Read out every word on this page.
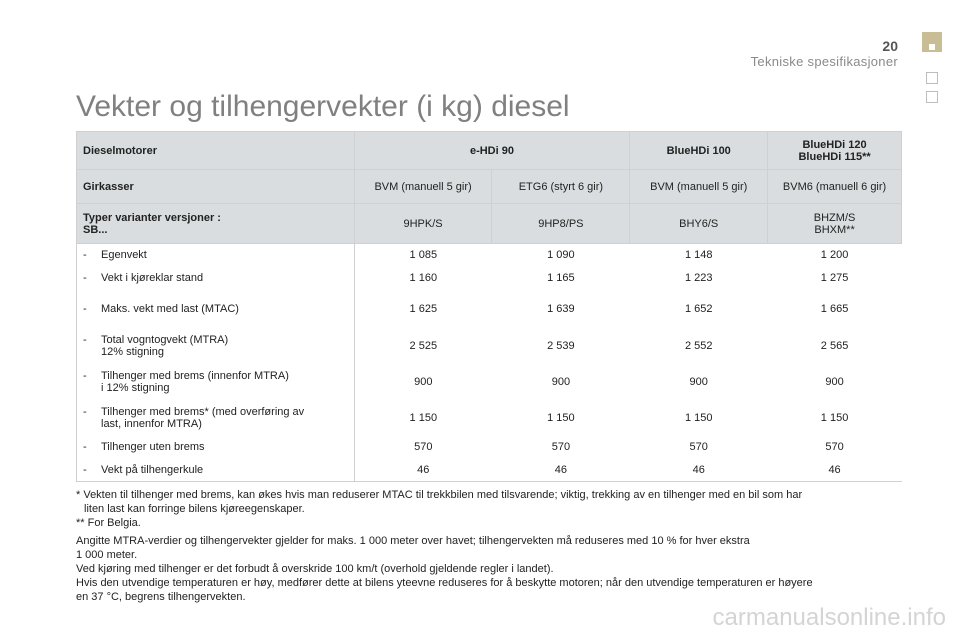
20
Tekniske spesifikasjoner
Vekter og tilhengervekter (i kg) diesel
Dieselmotorer	e-HDi 90		BlueHDi 100	BlueHDi 120
BlueHDi 115**
Girkasser	BVM (manuell 5 gir)	ETG6 (styrt 6 gir)	BVM (manuell 5 gir)	BVM6 (manuell 6 gir)
Typer varianter versjoner :
SB...	9HPK/S	9HP8/PS	BHY6/S	BHZM/S
BHXM**

- Egenvekt	1 085	1 090	1 148	1 200

- Vekt i kjøreklar stand	1 160	1 165	1 223	1 275

- Maks. vekt med last (MTAC)	1 625	1 639	1 652	1 665

- Total vogntogvekt (MTRA)
12% stigning	2 525	2 539	2 552	2 565

- Tilhenger med brems (innenfor MTRA)
i 12% stigning	900	900	900	900

- Tilhenger med brems* (med overføring av
last, innenfor MTRA)	1 150	1 150	1 150	1 150

- Tilhenger uten brems	570	570	570	570

- Vekt på tilhengerkule	46	46	46	46

* Vekten til tilhenger med brems, kan økes hvis man reduserer MTAC til trekkbilen med tilsvarende; viktig, trekking av en tilhenger med en bil som har

liten last kan forringe bilens kjøreegenskaper.

** For Belgia.

Angitte MTRA-verdier og tilhengervekter gjelder for maks. 1 000 meter over havet; tilhengervekten må reduseres med 10 % for hver ekstra

1 000 meter.

Ved kjøring med tilhenger er det forbudt å overskride 100 km/t (overhold gjeldende regler i landet).

Hvis den utvendige temperaturen er høy, medfører dette at bilens yteevne reduseres for å beskytte motoren; når den utvendige temperaturen er høyere

en 37 °C, begrens tilhengervekten.

carmanualsonline.info
